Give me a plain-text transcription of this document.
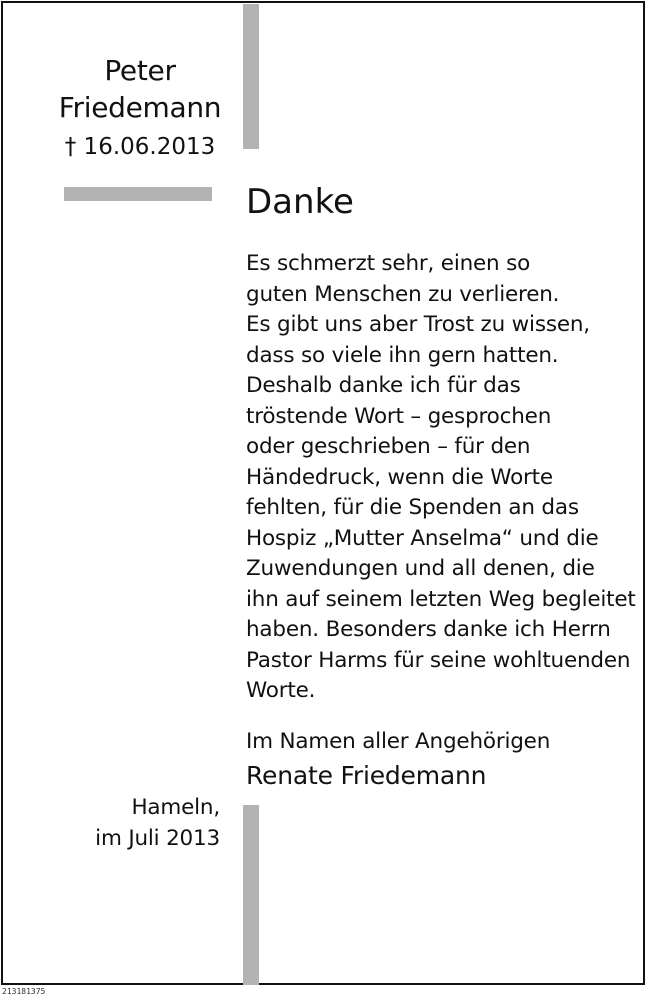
Peter
Friedemann
† 16.06.2013
Danke
Es schmerzt sehr, einen so
guten Menschen zu verlieren.
Es gibt uns aber Trost zu wissen,
dass so viele ihn gern hatten.
Deshalb danke ich für das
tröstende Wort – gesprochen
oder geschrieben – für den
Händedruck, wenn die Worte
fehlten, für die Spenden an das
Hospiz „Mutter Anselma“ und die
Zuwendungen und all denen, die
ihn auf seinem letzten Weg begleitet
haben. Besonders danke ich Herrn
Pastor Harms für seine wohltuenden
Worte.
Im Namen aller Angehörigen
Renate Friedemann
Hameln,
im Juli 2013
213181375
